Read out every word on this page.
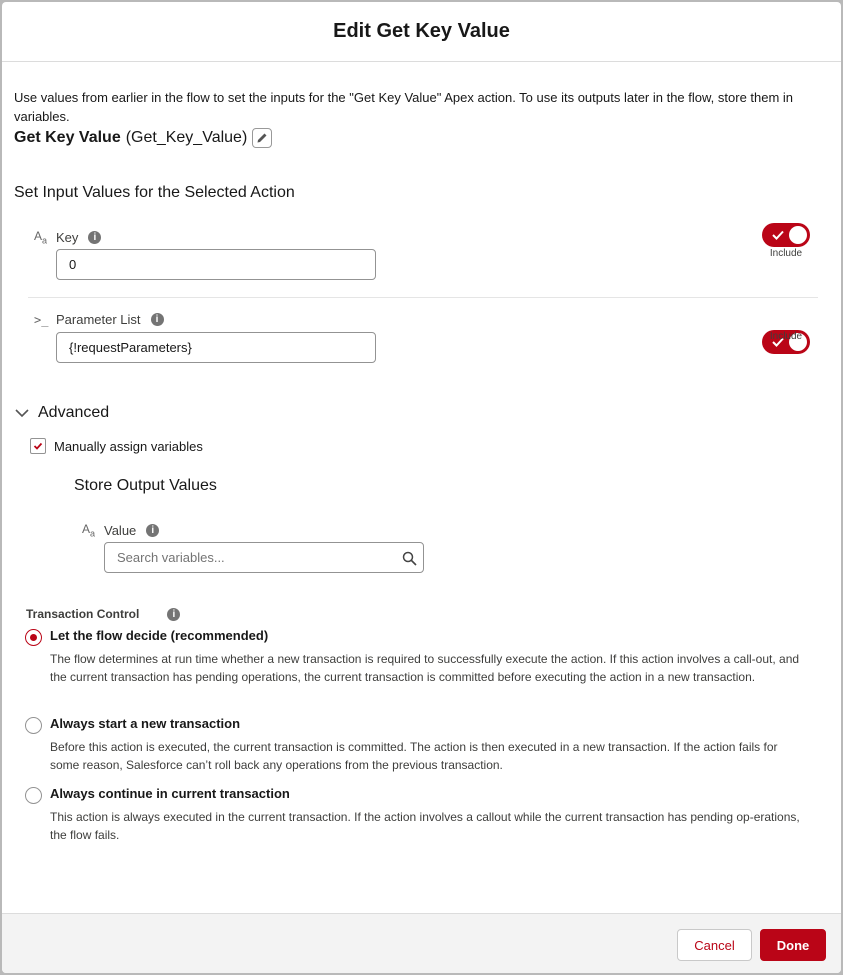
Edit Get Key Value

Use values from earlier in the flow to set the inputs for the "Get Key Value" Apex action. To use its outputs later in the flow, store them in variables.

Get Key Value (Get_Key_Value)
Set Input Values for the Selected Action
$A_a$ Key	i
0
Include
>_ Parameter List	i
{!requestParameters}
Include
Advanced
Manually assign variables
Store Output Values
$A_a$ Value	i
Search variables...
Transaction Control	i
Let the flow decide (recommended)

The flow determines at run time whether a new transaction is required to successfully execute the action. If this action involves a call-out, and the current transaction has pending operations, the current transaction is committed before executing the action in a new transaction.

Always start a new transaction

Before this action is executed, the current transaction is committed. The action is then executed in a new transaction. If the action fails for some reason, Salesforce can’t roll back any operations from the previous transaction.

Always continue in current transaction

This action is always executed in the current transaction. If the action involves a callout while the current transaction has pending op-erations, the flow fails.

Cancel	Done
